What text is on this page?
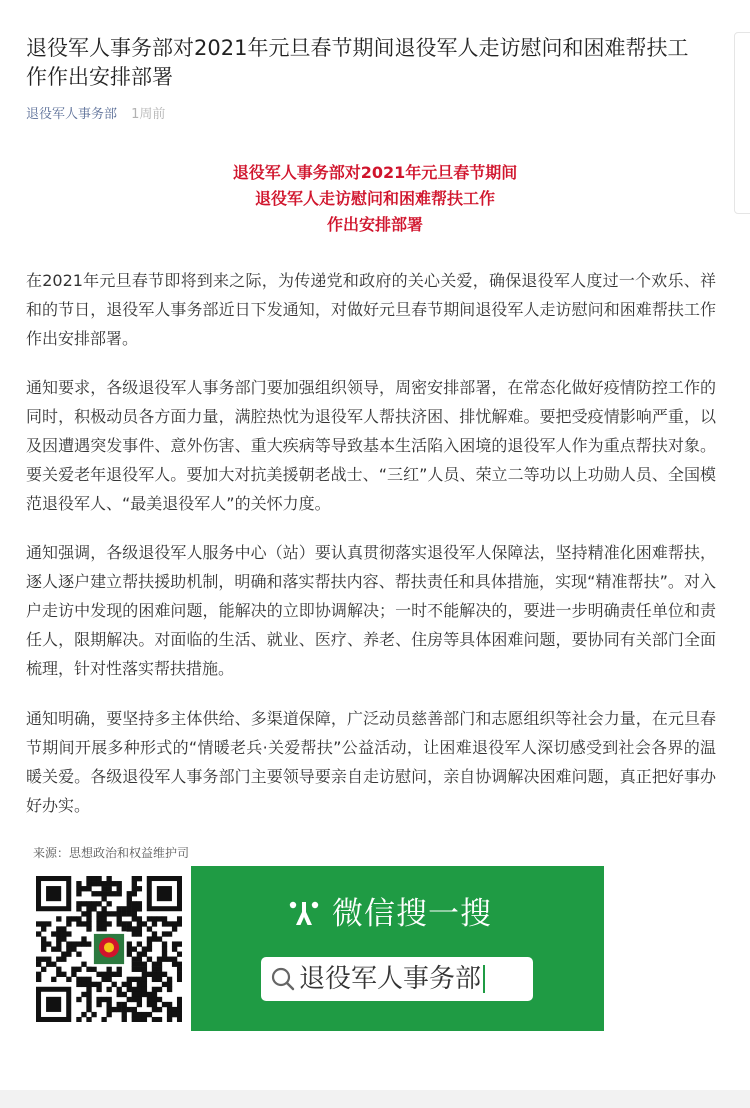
退役军人事务部对2021年元旦春节期间退役军人走访慰问和困难帮扶工作作出安排部署
退役军人事务部 1周前
退役军人事务部对2021年元旦春节期间
退役军人走访慰问和困难帮扶工作
作出安排部署

在2021年元旦春节即将到来之际，为传递党和政府的关心关爱，确保退役军人度过一个欢乐、祥和的节日，退役军人事务部近日下发通知，对做好元旦春节期间退役军人走访慰问和困难帮扶工作作出安排部署。

通知要求，各级退役军人事务部门要加强组织领导，周密安排部署，在常态化做好疫情防控工作的同时，积极动员各方面力量，满腔热忱为退役军人帮扶济困、排忧解难。要把受疫情影响严重，以及因遭遇突发事件、意外伤害、重大疾病等导致基本生活陷入困境的退役军人作为重点帮扶对象。要关爱老年退役军人。要加大对抗美援朝老战士、“三红”人员、荣立二等功以上功勋人员、全国模范退役军人、“最美退役军人”的关怀力度。

通知强调，各级退役军人服务中心（站）要认真贯彻落实退役军人保障法，坚持精准化困难帮扶，逐人逐户建立帮扶援助机制，明确和落实帮扶内容、帮扶责任和具体措施，实现“精准帮扶”。对入户走访中发现的困难问题，能解决的立即协调解决；一时不能解决的，要进一步明确责任单位和责任人，限期解决。对面临的生活、就业、医疗、养老、住房等具体困难问题，要协同有关部门全面梳理，针对性落实帮扶措施。

通知明确，要坚持多主体供给、多渠道保障，广泛动员慈善部门和志愿组织等社会力量，在元旦春节期间开展多种形式的“情暖老兵·关爱帮扶”公益活动，让困难退役军人深切感受到社会各界的温暖关爱。各级退役军人事务部门主要领导要亲自走访慰问，亲自协调解决困难问题，真正把好事办好办实。

来源：思想政治和权益维护司
微信搜一搜
退役军人事务部
